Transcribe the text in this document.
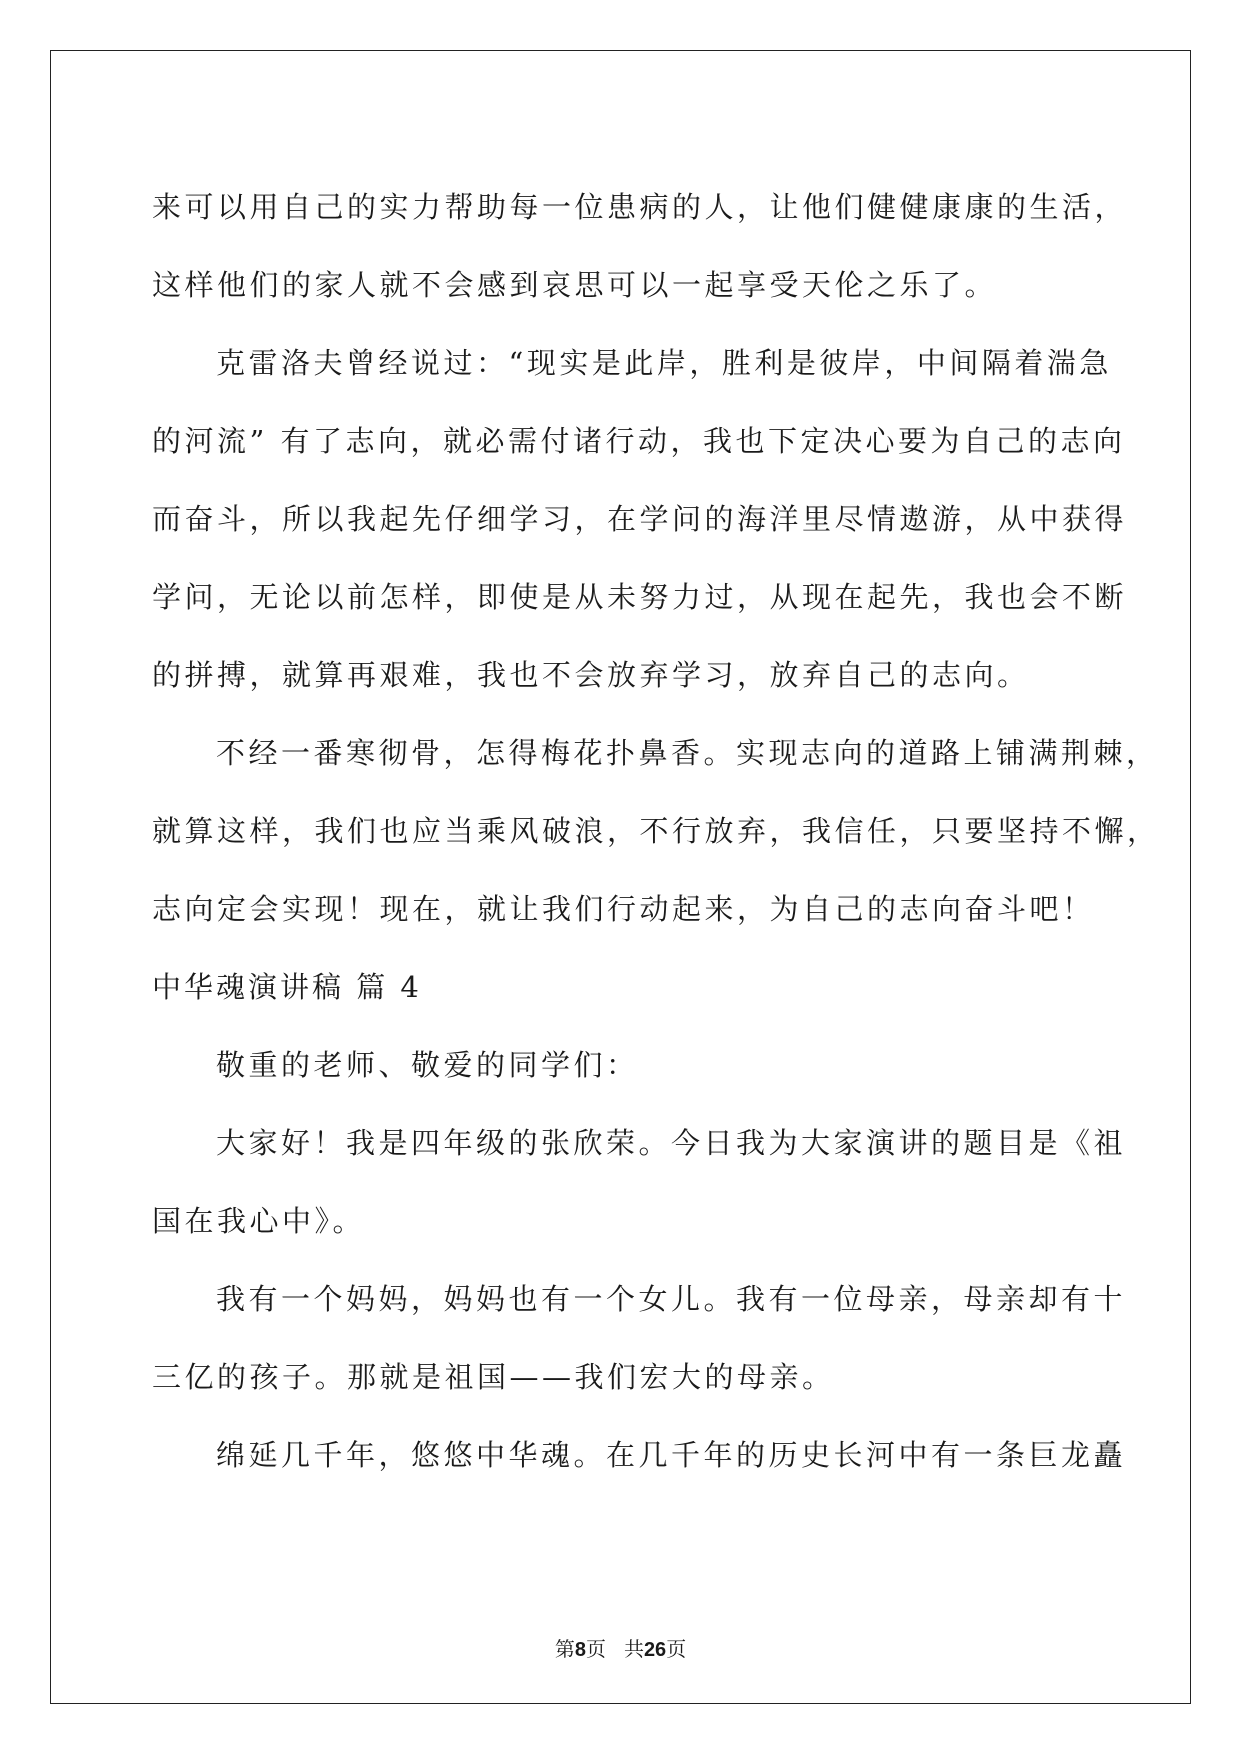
来可以用自己的实力帮助每一位患病的人，让他们健健康康的生活，
这样他们的家人就不会感到哀思可以一起享受天伦之乐了。
克雷洛夫曾经说过：“现实是此岸，胜利是彼岸，中间隔着湍急
的河流” 有了志向，就必需付诸行动，我也下定决心要为自己的志向
而奋斗，所以我起先仔细学习，在学问的海洋里尽情遨游，从中获得
学问，无论以前怎样，即使是从未努力过，从现在起先，我也会不断
的拼搏，就算再艰难，我也不会放弃学习，放弃自己的志向。
不经一番寒彻骨，怎得梅花扑鼻香。实现志向的道路上铺满荆棘，
就算这样，我们也应当乘风破浪，不行放弃，我信任，只要坚持不懈，
志向定会实现！现在，就让我们行动起来，为自己的志向奋斗吧！
中华魂演讲稿 篇 4
敬重的老师、敬爱的同学们：
大家好！我是四年级的张欣荣。今日我为大家演讲的题目是《祖
国在我心中》。
我有一个妈妈，妈妈也有一个女儿。我有一位母亲，母亲却有十
三亿的孩子。那就是祖国——我们宏大的母亲。
绵延几千年，悠悠中华魂。在几千年的历史长河中有一条巨龙矗
第8页 共26页
